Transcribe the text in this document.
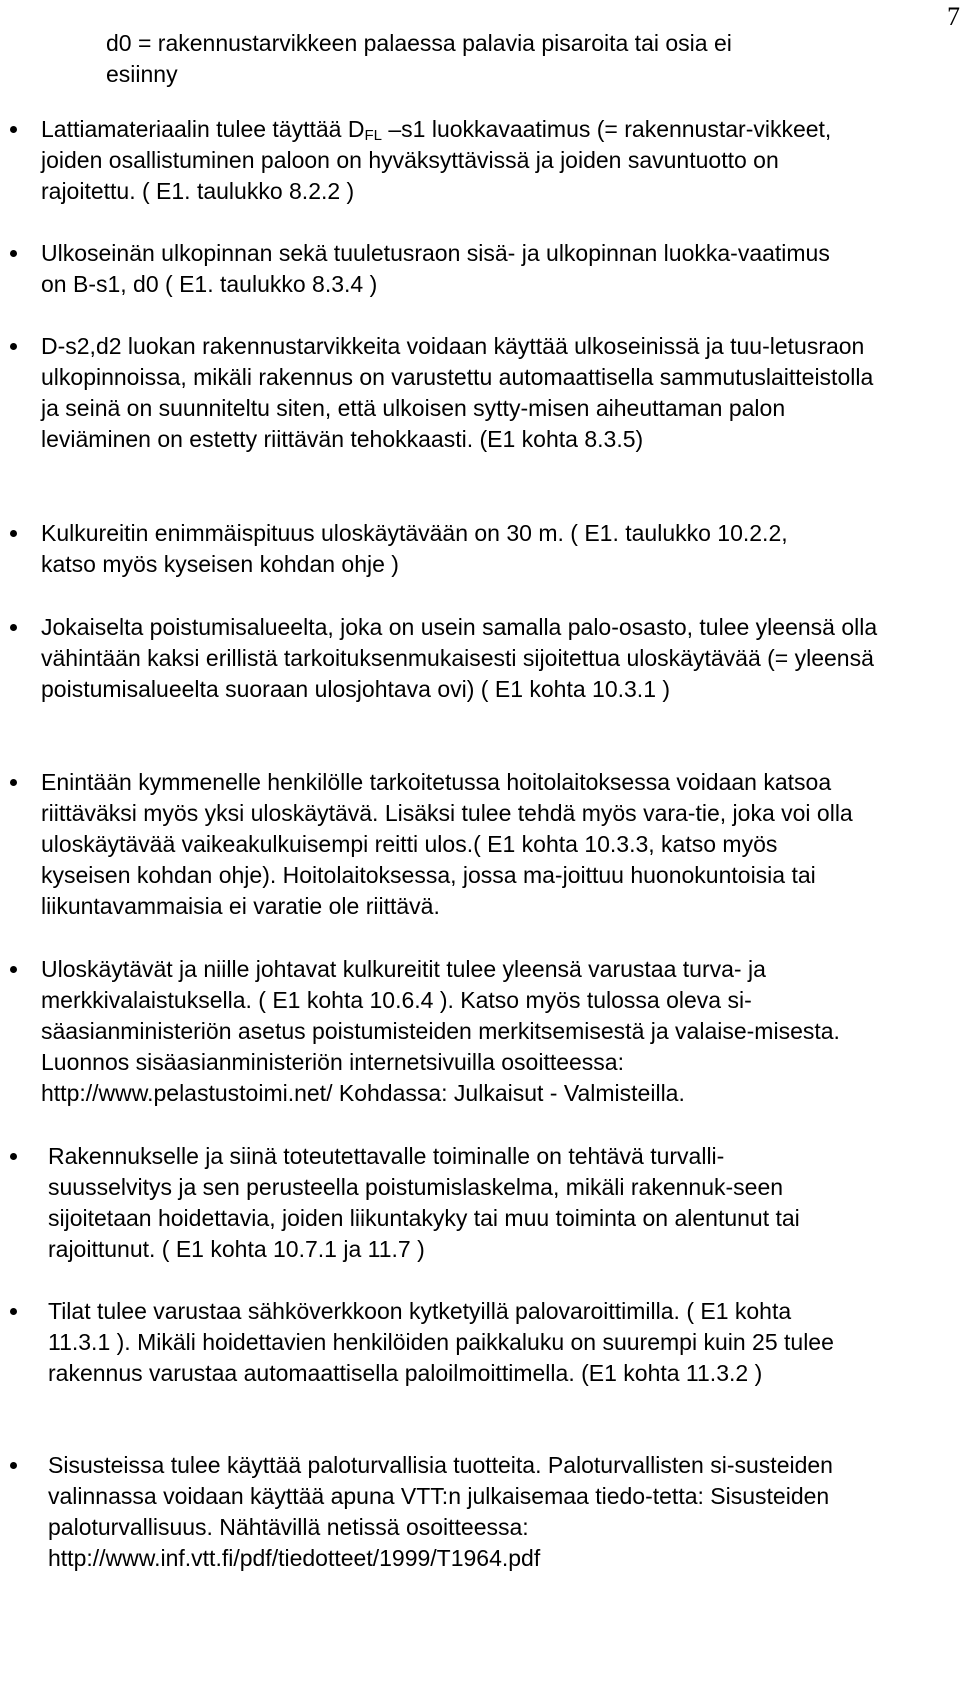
7
d0 = rakennustarvikkeen palaessa palavia pisaroita tai osia ei
esiinny
Lattiamateriaalin tulee täyttää $D_{FL}$ –s1 luokkavaatimus (= rakennustar-vikkeet, joiden osallistuminen paloon on hyväksyttävissä ja joiden savuntuotto on rajoitettu. ( E1. taulukko 8.2.2 )
Ulkoseinän ulkopinnan sekä tuuletusraon sisä- ja ulkopinnan luokka-vaatimus on B-s1, d0 ( E1. taulukko 8.3.4 )
D-s2,d2 luokan rakennustarvikkeita voidaan käyttää ulkoseinissä ja tuu-letusraon ulkopinnoissa, mikäli rakennus on varustettu automaattisella sammutuslaitteistolla ja seinä on suunniteltu siten, että ulkoisen sytty-misen aiheuttaman palon leviäminen on estetty riittävän tehokkaasti. (E1 kohta 8.3.5)
Kulkureitin enimmäispituus uloskäytävään on 30 m. ( E1. taulukko 10.2.2, katso myös kyseisen kohdan ohje )
Jokaiselta poistumisalueelta, joka on usein samalla palo-osasto, tulee yleensä olla vähintään kaksi erillistä tarkoituksenmukaisesti sijoitettua uloskäytävää (= yleensä poistumisalueelta suoraan ulosjohtava ovi) ( E1 kohta 10.3.1 )
Enintään kymmenelle henkilölle tarkoitetussa hoitolaitoksessa voidaan katsoa riittäväksi myös yksi uloskäytävä. Lisäksi tulee tehdä myös vara-tie, joka voi olla uloskäytävää vaikeakulkuisempi reitti ulos.( E1 kohta 10.3.3, katso myös kyseisen kohdan ohje). Hoitolaitoksessa, jossa ma-joittuu huonokuntoisia tai liikuntavammaisia ei varatie ole riittävä.
Uloskäytävät ja niille johtavat kulkureitit tulee yleensä varustaa turva- ja merkkivalaistuksella. ( E1 kohta 10.6.4 ). Katso myös tulossa oleva si-säasianministeriön asetus poistumisteiden merkitsemisestä ja valaise-misesta. Luonnos sisäasianministeriön internetsivuilla osoitteessa: http://www.pelastustoimi.net/ Kohdassa: Julkaisut - Valmisteilla.
Rakennukselle ja siinä toteutettavalle toiminalle on tehtävä turvalli-suusselvitys ja sen perusteella poistumislaskelma, mikäli rakennuk-seen sijoitetaan hoidettavia, joiden liikuntakyky tai muu toiminta on alentunut tai rajoittunut. ( E1 kohta 10.7.1 ja 11.7 )
Tilat tulee varustaa sähköverkkoon kytketyillä palovaroittimilla. ( E1 kohta 11.3.1 ). Mikäli hoidettavien henkilöiden paikkaluku on suurempi kuin 25 tulee rakennus varustaa automaattisella paloilmoittimella. (E1 kohta 11.3.2 )
Sisusteissa tulee käyttää paloturvallisia tuotteita. Paloturvallisten si-susteiden valinnassa voidaan käyttää apuna VTT:n julkaisemaa tiedo-tetta: Sisusteiden paloturvallisuus. Nähtävillä netissä osoitteessa: http://www.inf.vtt.fi/pdf/tiedotteet/1999/T1964.pdf
